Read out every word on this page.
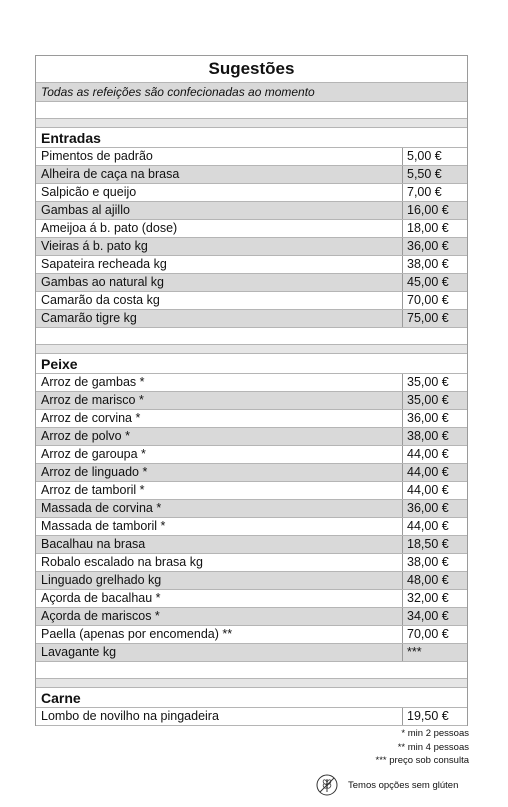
Sugestões
Todas as refeições são confecionadas ao momento
Entradas
Pimentos de padrão	5,00 €
Alheira de caça na brasa	5,50 €
Salpicão e queijo	7,00 €
Gambas al ajillo	16,00 €
Ameijoa á b. pato (dose)	18,00 €
Vieiras á b. pato kg	36,00 €
Sapateira recheada kg	38,00 €
Gambas ao natural kg	45,00 €
Camarão da costa kg	70,00 €
Camarão tigre kg	75,00 €
Peixe
Arroz de gambas *	35,00 €
Arroz de marisco *	35,00 €
Arroz de corvina *	36,00 €
Arroz de polvo *	38,00 €
Arroz de garoupa *	44,00 €
Arroz de linguado *	44,00 €
Arroz de tamboril *	44,00 €
Massada de corvina *	36,00 €
Massada de tamboril *	44,00 €
Bacalhau na brasa	18,50 €
Robalo escalado na brasa kg	38,00 €
Linguado grelhado kg	48,00 €
Açorda de bacalhau *	32,00 €
Açorda de mariscos *	34,00 €
Paella (apenas por encomenda) **	70,00 €
Lavagante kg	***
Carne
Lombo de novilho na pingadeira	19,50 €
* min 2 pessoas
** min 4 pessoas
*** preço sob consulta
Temos opções sem glúten
